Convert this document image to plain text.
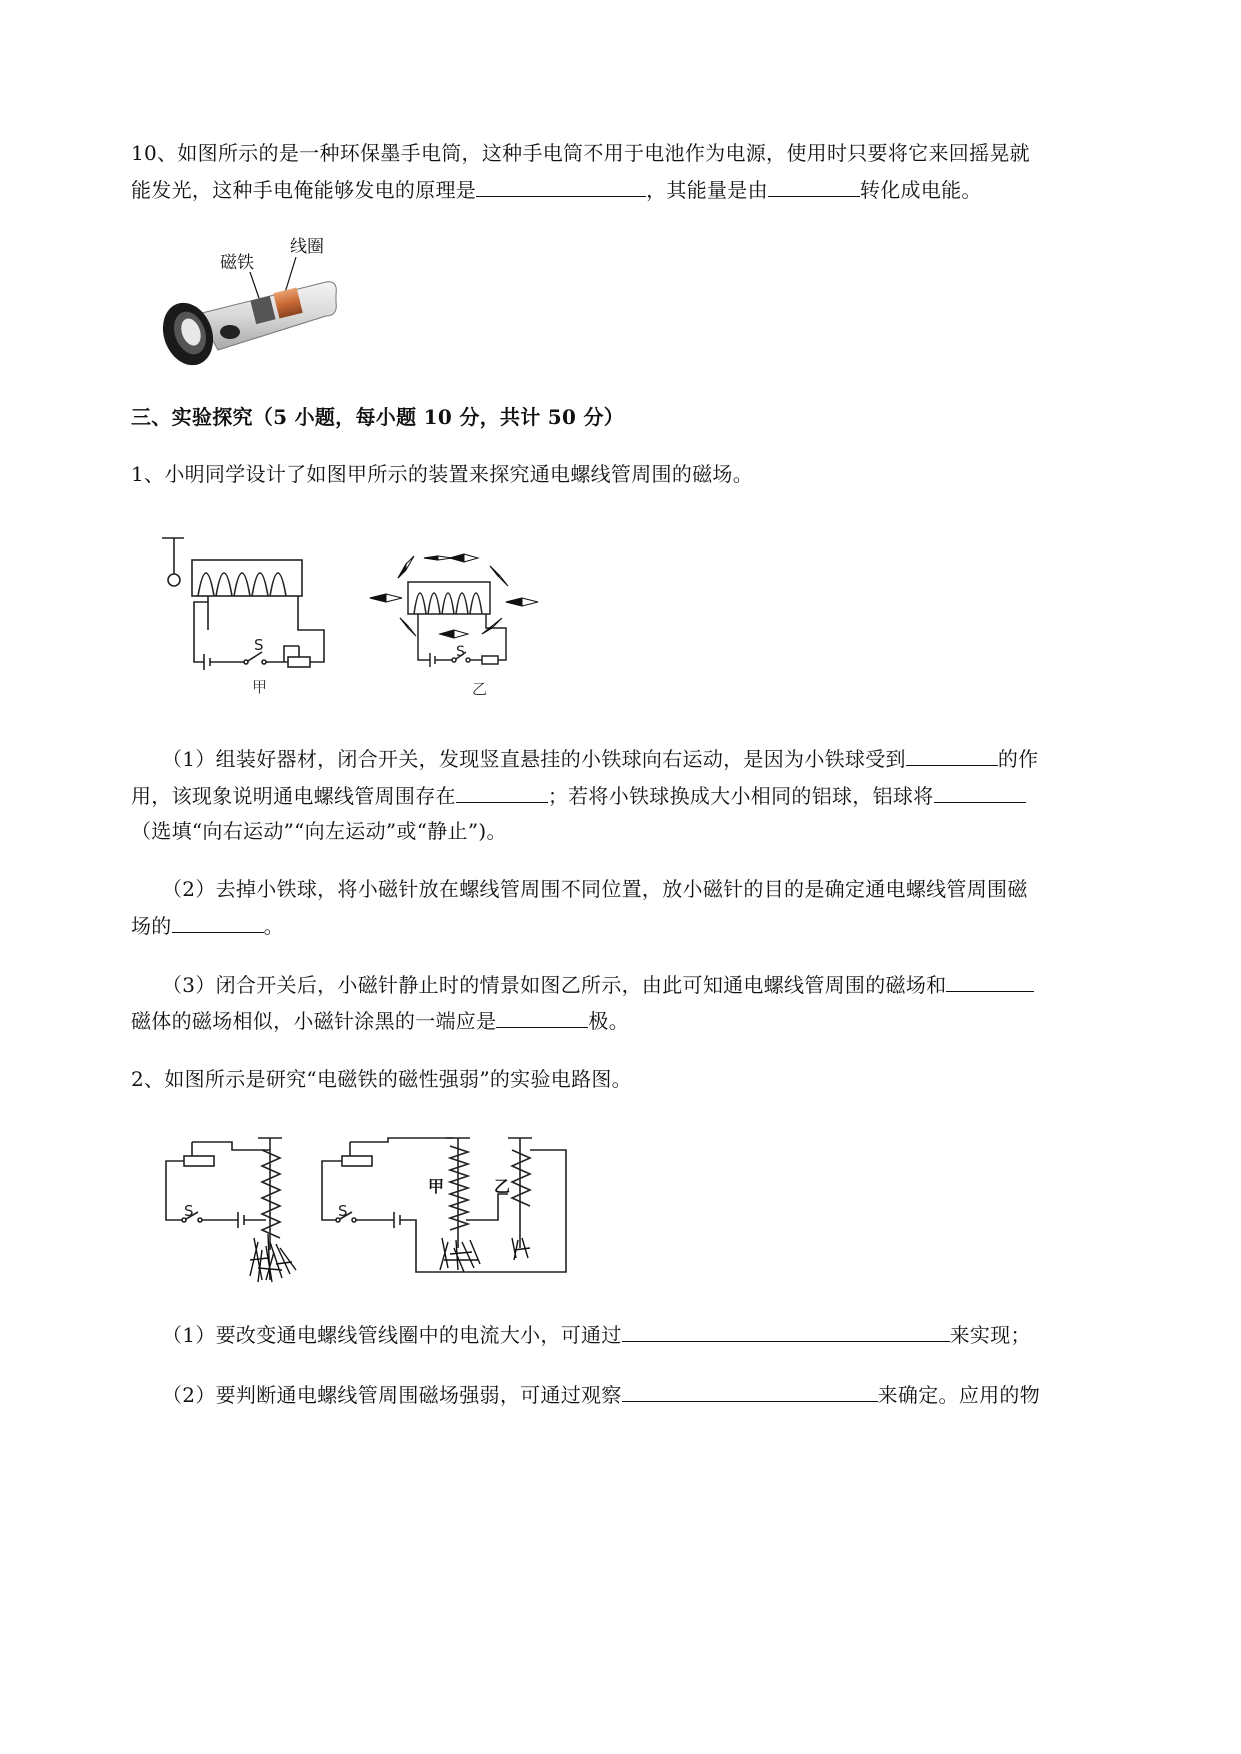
10、如图所示的是一种环保墨手电筒，这种手电筒不用于电池作为电源，使用时只要将它来回摇晃就
能发光，这种手电俺能够发电的原理是	，其能量是由	转化成电能。
磁铁
线圈
三、实验探究（5 小题，每小题 10 分，共计 50 分）
1、小明同学设计了如图甲所示的装置来探究通电螺线管周围的磁场。
S
甲
S
乙
（1）组装好器材，闭合开关，发现竖直悬挂的小铁球向右运动，是因为小铁球受到	的作
用，该现象说明通电螺线管周围存在	；若将小铁球换成大小相同的铝球，铝球将
（选填“向右运动”“向左运动”或“静止”)。
（2）去掉小铁球，将小磁针放在螺线管周围不同位置，放小磁针的目的是确定通电螺线管周围磁
场的	。
（3）闭合开关后，小磁针静止时的情景如图乙所示，由此可知通电螺线管周围的磁场和
磁体的磁场相似，小磁针涂黑的一端应是	极。
2、如图所示是研究“电磁铁的磁性强弱”的实验电路图。
S	S
甲	乙
（1）要改变通电螺线管线圈中的电流大小，可通过	来实现；
（2）要判断通电螺线管周围磁场强弱，可通过观察	来确定。应用的物
